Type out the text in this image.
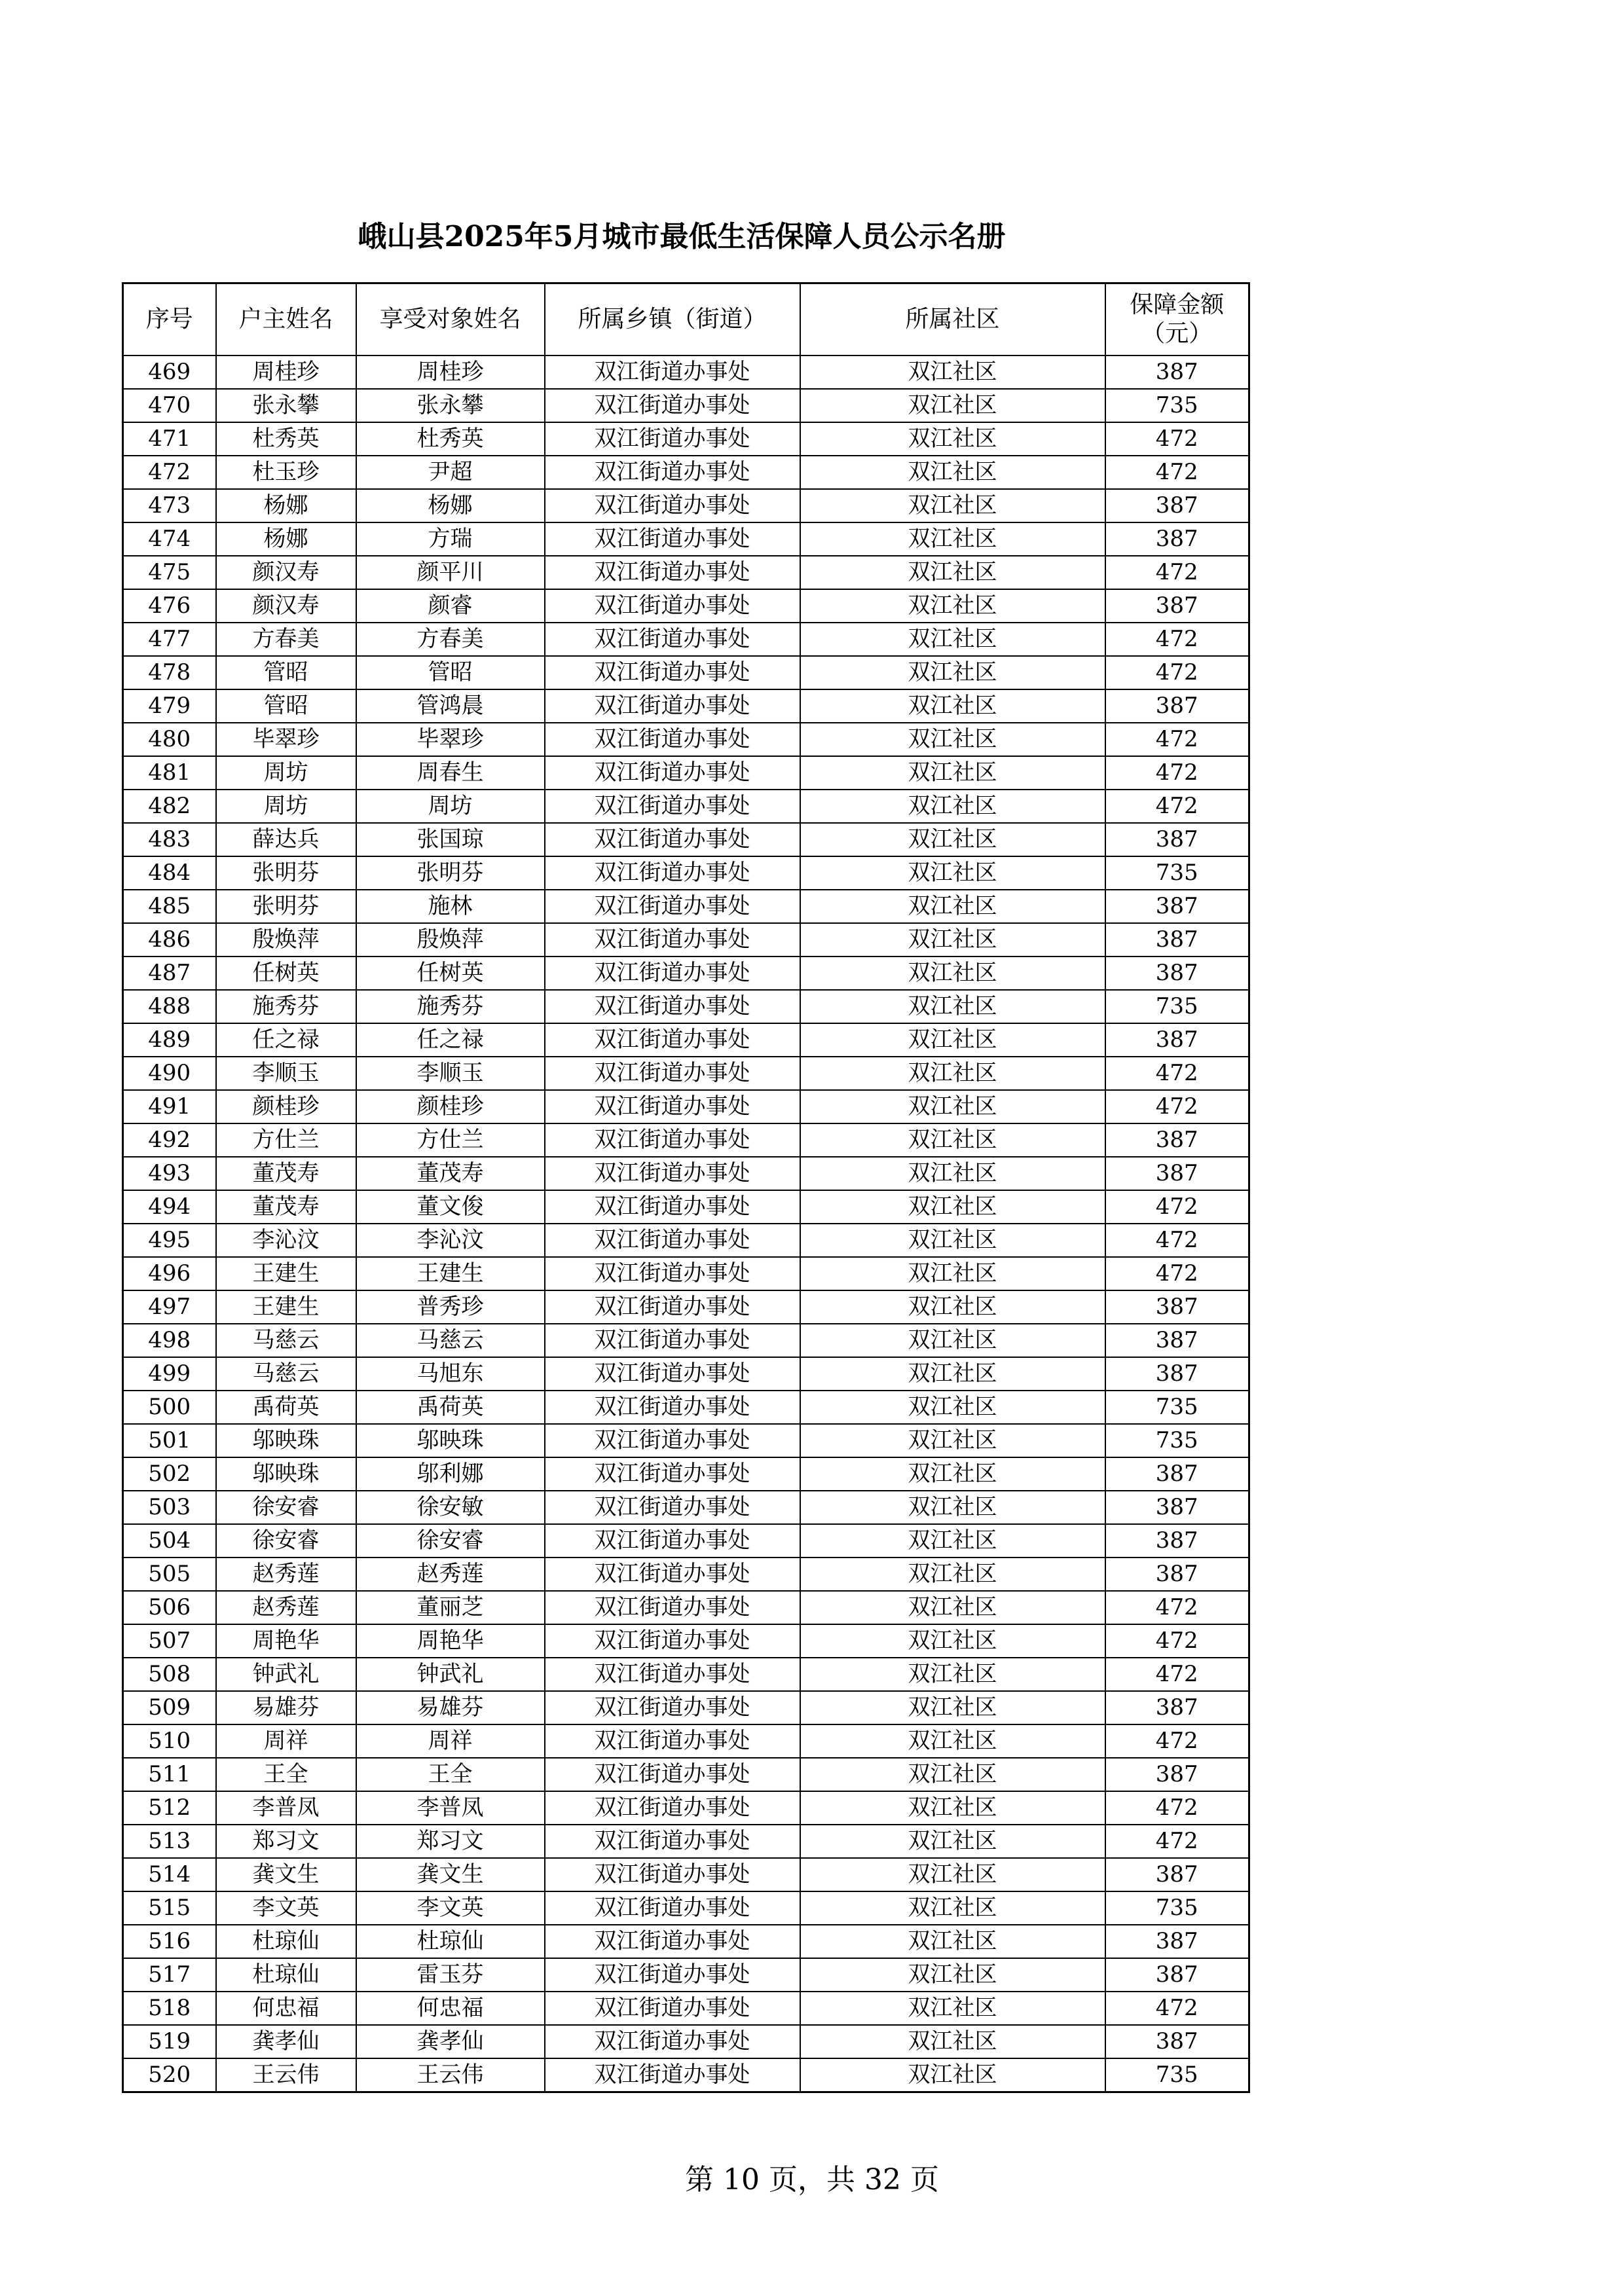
峨山县2025年5月城市最低生活保障人员公示名册
序号	户主姓名	享受对象姓名	所属乡镇（街道）	所属社区	保障金额
（元）

469	周桂珍	周桂珍	双江街道办事处	双江社区	387
470	张永攀	张永攀	双江街道办事处	双江社区	735
471	杜秀英	杜秀英	双江街道办事处	双江社区	472
472	杜玉珍	尹超	双江街道办事处	双江社区	472
473	杨娜	杨娜	双江街道办事处	双江社区	387
474	杨娜	方瑞	双江街道办事处	双江社区	387
475	颜汉寿	颜平川	双江街道办事处	双江社区	472
476	颜汉寿	颜睿	双江街道办事处	双江社区	387
477	方春美	方春美	双江街道办事处	双江社区	472
478	管昭	管昭	双江街道办事处	双江社区	472
479	管昭	管鸿晨	双江街道办事处	双江社区	387
480	毕翠珍	毕翠珍	双江街道办事处	双江社区	472
481	周坊	周春生	双江街道办事处	双江社区	472
482	周坊	周坊	双江街道办事处	双江社区	472
483	薛达兵	张国琼	双江街道办事处	双江社区	387
484	张明芬	张明芬	双江街道办事处	双江社区	735
485	张明芬	施林	双江街道办事处	双江社区	387
486	殷焕萍	殷焕萍	双江街道办事处	双江社区	387
487	任树英	任树英	双江街道办事处	双江社区	387
488	施秀芬	施秀芬	双江街道办事处	双江社区	735
489	任之禄	任之禄	双江街道办事处	双江社区	387
490	李顺玉	李顺玉	双江街道办事处	双江社区	472
491	颜桂珍	颜桂珍	双江街道办事处	双江社区	472
492	方仕兰	方仕兰	双江街道办事处	双江社区	387
493	董茂寿	董茂寿	双江街道办事处	双江社区	387
494	董茂寿	董文俊	双江街道办事处	双江社区	472
495	李沁汶	李沁汶	双江街道办事处	双江社区	472
496	王建生	王建生	双江街道办事处	双江社区	472
497	王建生	普秀珍	双江街道办事处	双江社区	387
498	马慈云	马慈云	双江街道办事处	双江社区	387
499	马慈云	马旭东	双江街道办事处	双江社区	387
500	禹荷英	禹荷英	双江街道办事处	双江社区	735
501	邬映珠	邬映珠	双江街道办事处	双江社区	735
502	邬映珠	邬利娜	双江街道办事处	双江社区	387
503	徐安睿	徐安敏	双江街道办事处	双江社区	387
504	徐安睿	徐安睿	双江街道办事处	双江社区	387
505	赵秀莲	赵秀莲	双江街道办事处	双江社区	387
506	赵秀莲	董丽芝	双江街道办事处	双江社区	472
507	周艳华	周艳华	双江街道办事处	双江社区	472
508	钟武礼	钟武礼	双江街道办事处	双江社区	472
509	易雄芬	易雄芬	双江街道办事处	双江社区	387
510	周祥	周祥	双江街道办事处	双江社区	472
511	王全	王全	双江街道办事处	双江社区	387
512	李普凤	李普凤	双江街道办事处	双江社区	472
513	郑习文	郑习文	双江街道办事处	双江社区	472
514	龚文生	龚文生	双江街道办事处	双江社区	387
515	李文英	李文英	双江街道办事处	双江社区	735
516	杜琼仙	杜琼仙	双江街道办事处	双江社区	387
517	杜琼仙	雷玉芬	双江街道办事处	双江社区	387
518	何忠福	何忠福	双江街道办事处	双江社区	472
519	龚孝仙	龚孝仙	双江街道办事处	双江社区	387
520	王云伟	王云伟	双江街道办事处	双江社区	735
第 10 页，共 32 页
